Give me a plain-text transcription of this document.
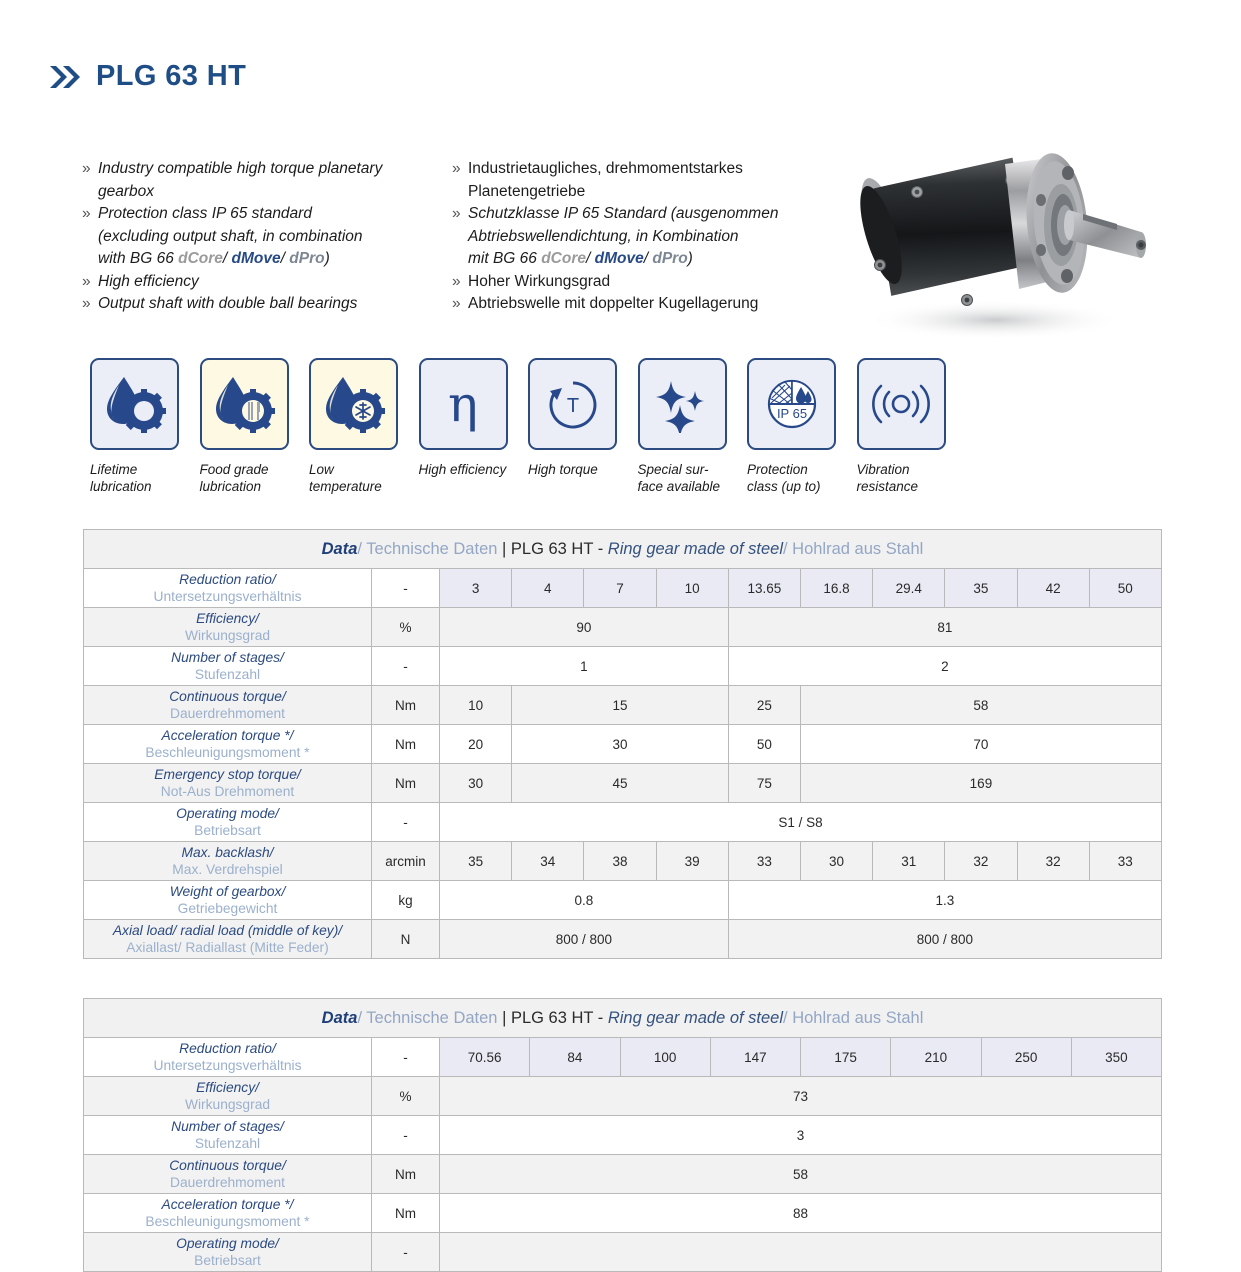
PLG 63 HT
» Industry compatible high torque planetary
gearbox
» Protection class IP 65 standard
(excluding output shaft, in combination
with BG 66 dCore/ dMove/ dPro)
» High efficiency
» Output shaft with double ball bearings
» Industrietaugliches, drehmomentstarkes
Planetengetriebe
» Schutzklasse IP 65 Standard (ausgenommen
Abtriebswellendichtung, in Kombination
mit BG 66 dCore/ dMove/ dPro)
» Hoher Wirkungsgrad
» Abtriebswelle mit doppelter Kugellagerung
Lifetime
lubrication
Food grade
lubrication
Low
temperature
η
High efficiency
T
High torque	Special sur-
face available
IP 65
Protection
class (up to)
Vibration
resistance
Data/ Technische Daten | PLG 63 HT - Ring gear made of steel/ Hohlrad aus Stahl											

Reduction ratio/
Untersetzungsverhältnis	-	3	4	7	10	13.65	16.8	29.4	35	42	50

Efficiency/
Wirkungsgrad	%	90				81					

Number of stages/
Stufenzahl	-	1				2					

Continuous torque/
Dauerdrehmoment	Nm	10	15			25	58				

Acceleration torque */
Beschleunigungsmoment *	Nm	20	30			50	70				

Emergency stop torque/
Not-Aus Drehmoment	Nm	30	45			75	169				

Operating mode/
Betriebsart	-	S1 / S8									

Max. backlash/
Max. Verdrehspiel	arcmin	35	34	38	39	33	30	31	32	32	33

Weight of gearbox/
Getriebegewicht	kg	0.8				1.3					

Axial load/ radial load (middle of key)/
Axiallast/ Radiallast (Mitte Feder)	N	800 / 800				800 / 800					
Data/ Technische Daten | PLG 63 HT - Ring gear made of steel/ Hohlrad aus Stahl									

Reduction ratio/
Untersetzungsverhältnis	-	70.56	84	100	147	175	210	250	350

Efficiency/
Wirkungsgrad	%	73							

Number of stages/
Stufenzahl	-	3							

Continuous torque/
Dauerdrehmoment	Nm	58							

Acceleration torque */
Beschleunigungsmoment *	Nm	88							

Operating mode/
Betriebsart	-								
